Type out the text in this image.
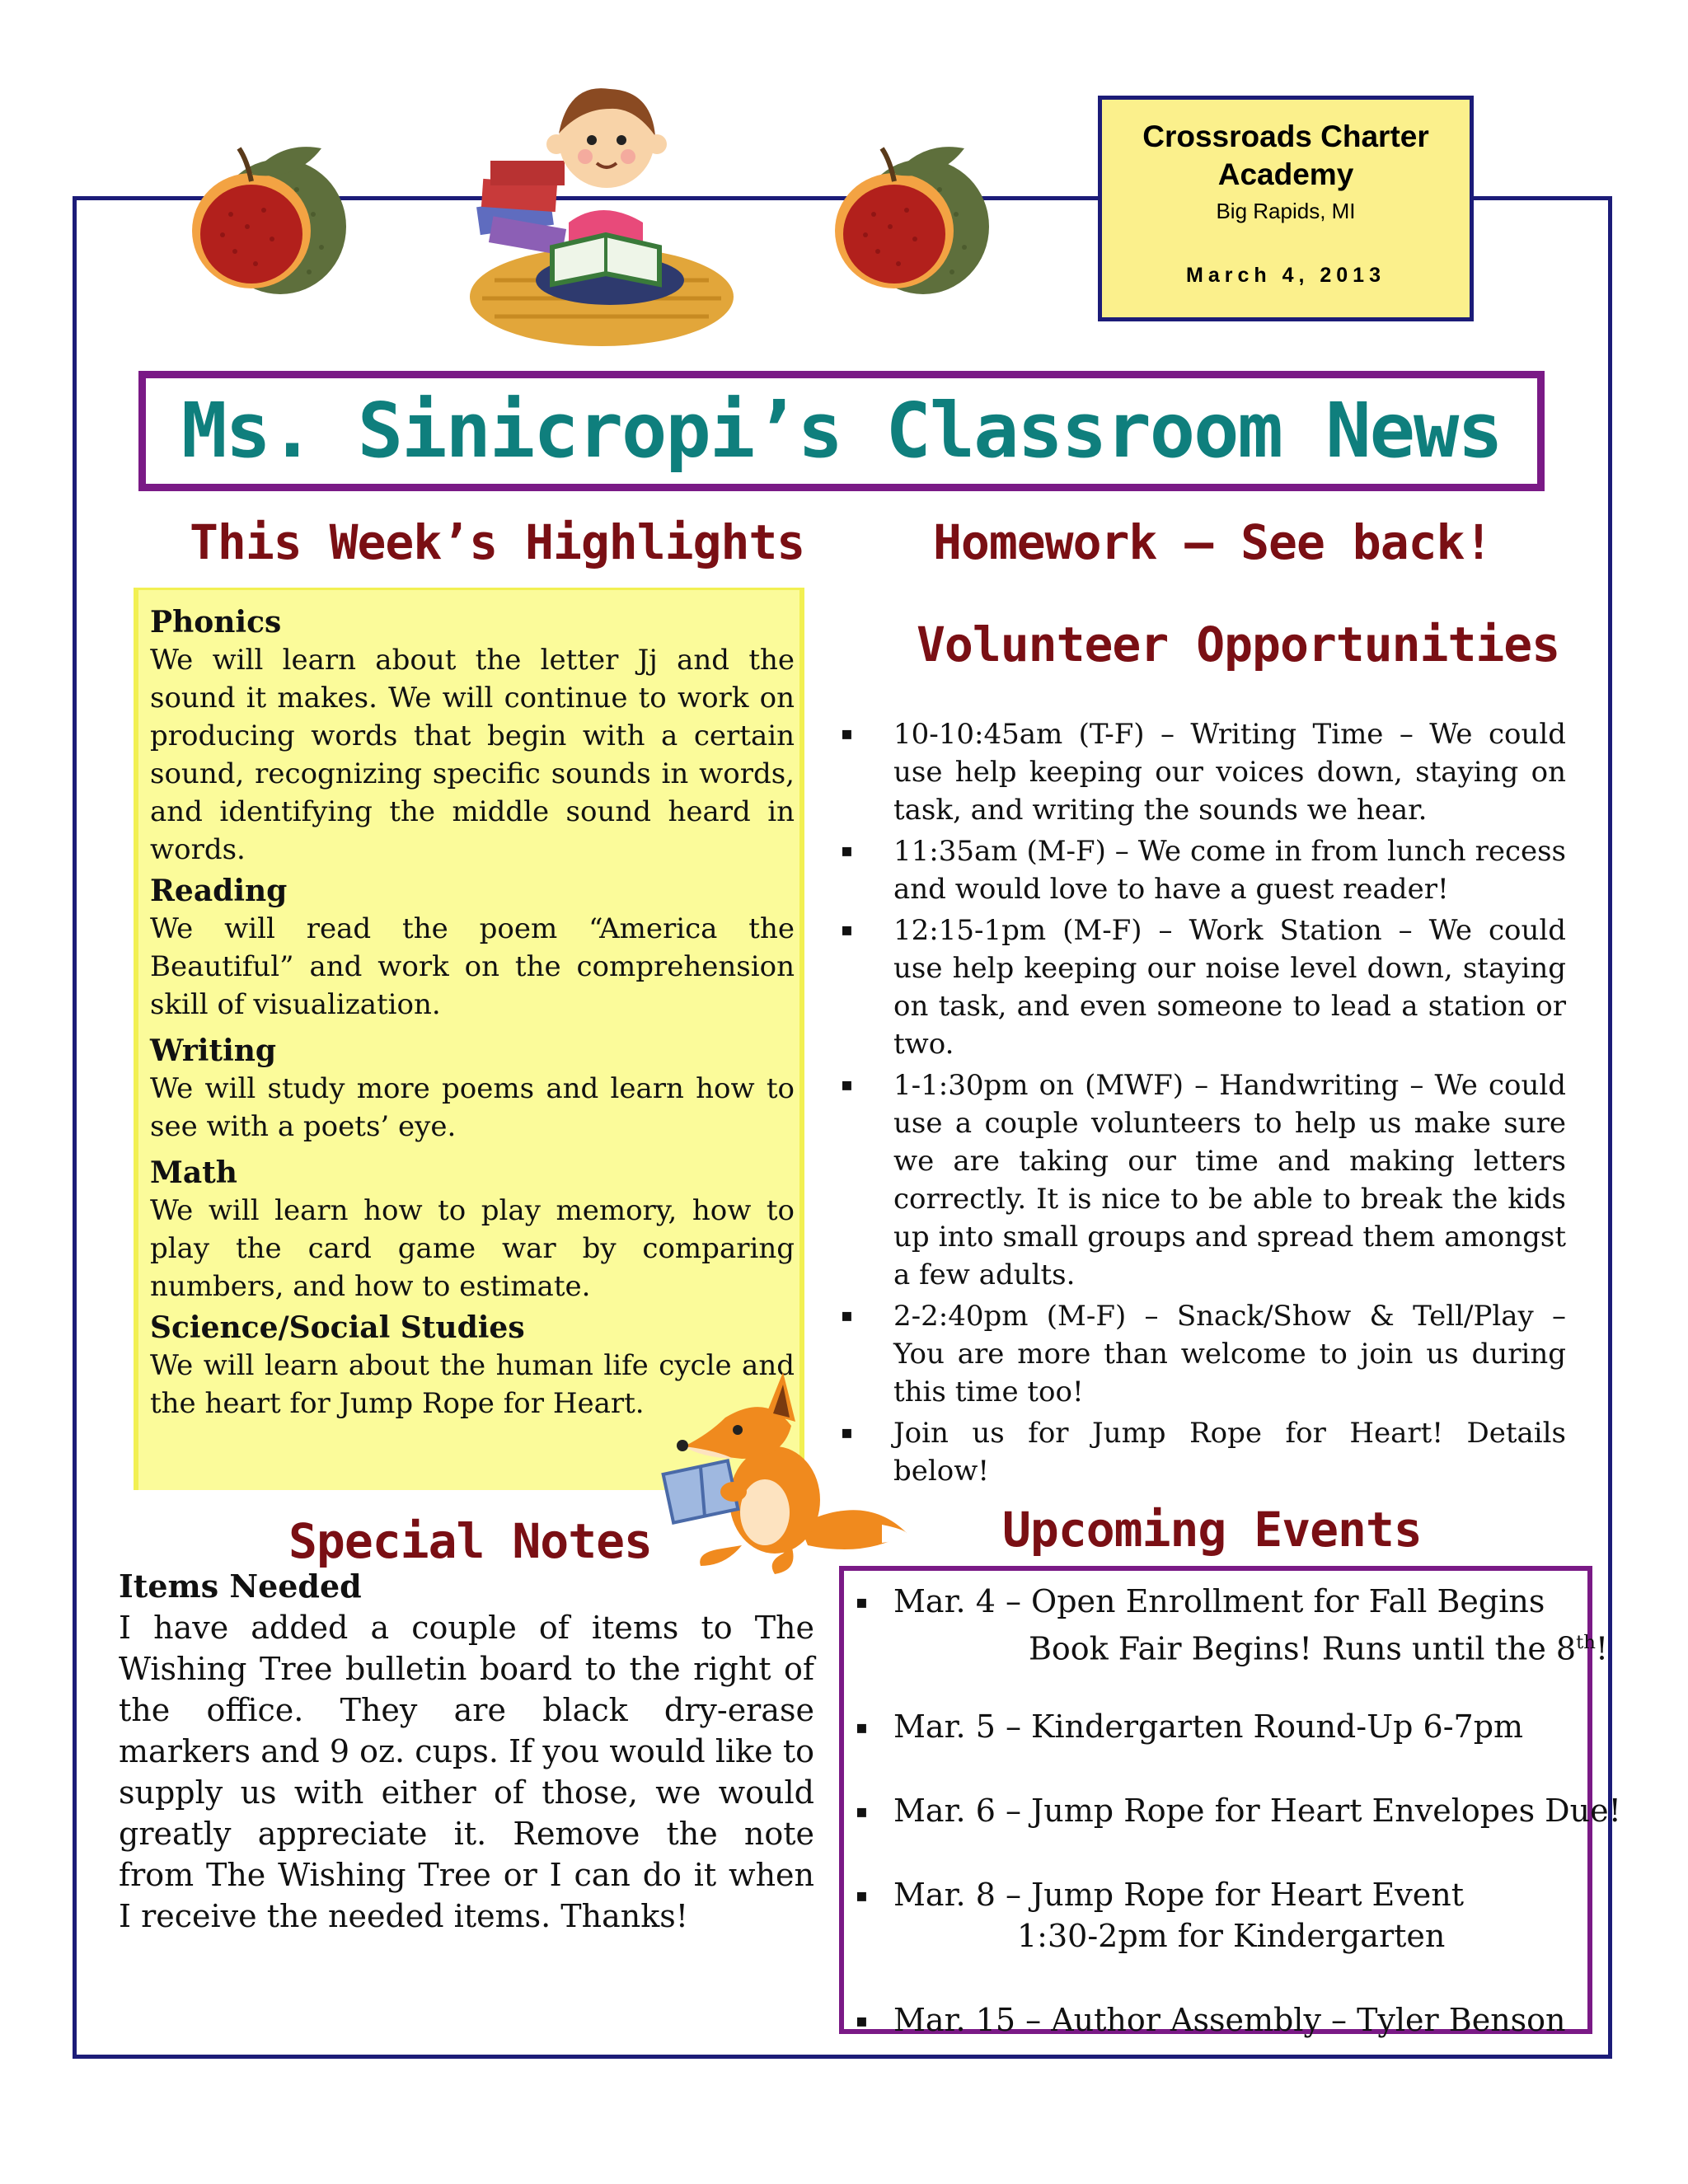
Crossroads Charter Academy
Big Rapids, MI
March 4, 2013
Ms. Sinicropi’s Classroom News
This Week’s Highlights

Phonics

We will learn about the letter Jj and the sound it makes. We will continue to work on producing words that begin with a certain sound, recognizing specific sounds in words, and identifying the middle sound heard in words.

Reading

We will read the poem “America the Beautiful” and work on the comprehension skill of visualization.

Writing

We will study more poems and learn how to see with a poets’ eye.

Math

We will learn how to play memory, how to play the card game war by comparing numbers, and how to estimate.

Science/Social Studies

We will learn about the human life cycle and the heart for Jump Rope for Heart.

Homework – See back!
Volunteer Opportunities
▪ 10-10:45am (T-F) – Writing Time – We could use help keeping our voices down, staying on task, and writing the sounds we hear.
▪ 11:35am (M-F) – We come in from lunch recess and would love to have a guest reader!
▪ 12:15-1pm (M-F) – Work Station – We could use help keeping our noise level down, staying on task, and even someone to lead a station or two.
▪ 1-1:30pm on (MWF) – Handwriting – We could use a couple volunteers to help us make sure we are taking our time and making letters correctly. It is nice to be able to break the kids up into small groups and spread them amongst a few adults.
▪ 2-2:40pm (M-F) – Snack/Show & Tell/Play – You are more than welcome to join us during this time too!
▪ Join us for Jump Rope for Heart! Details below!
Special Notes

Items Needed

I have added a couple of items to The Wishing Tree bulletin board to the right of the office. They are black dry-erase markers and 9 oz. cups. If you would like to supply us with either of those, we would greatly appreciate it. Remove the note from The Wishing Tree or I can do it when I receive the needed items. Thanks!

Upcoming Events
▪ Mar. 4 – Open Enrollment for Fall Begins
Book Fair Begins! Runs until the 8th!
▪ Mar. 5 – Kindergarten Round-Up 6-7pm
▪ Mar. 6 – Jump Rope for Heart Envelopes Due!
▪ Mar. 8 – Jump Rope for Heart Event
1:30-2pm for Kindergarten
▪ Mar. 15 – Author Assembly – Tyler Benson
